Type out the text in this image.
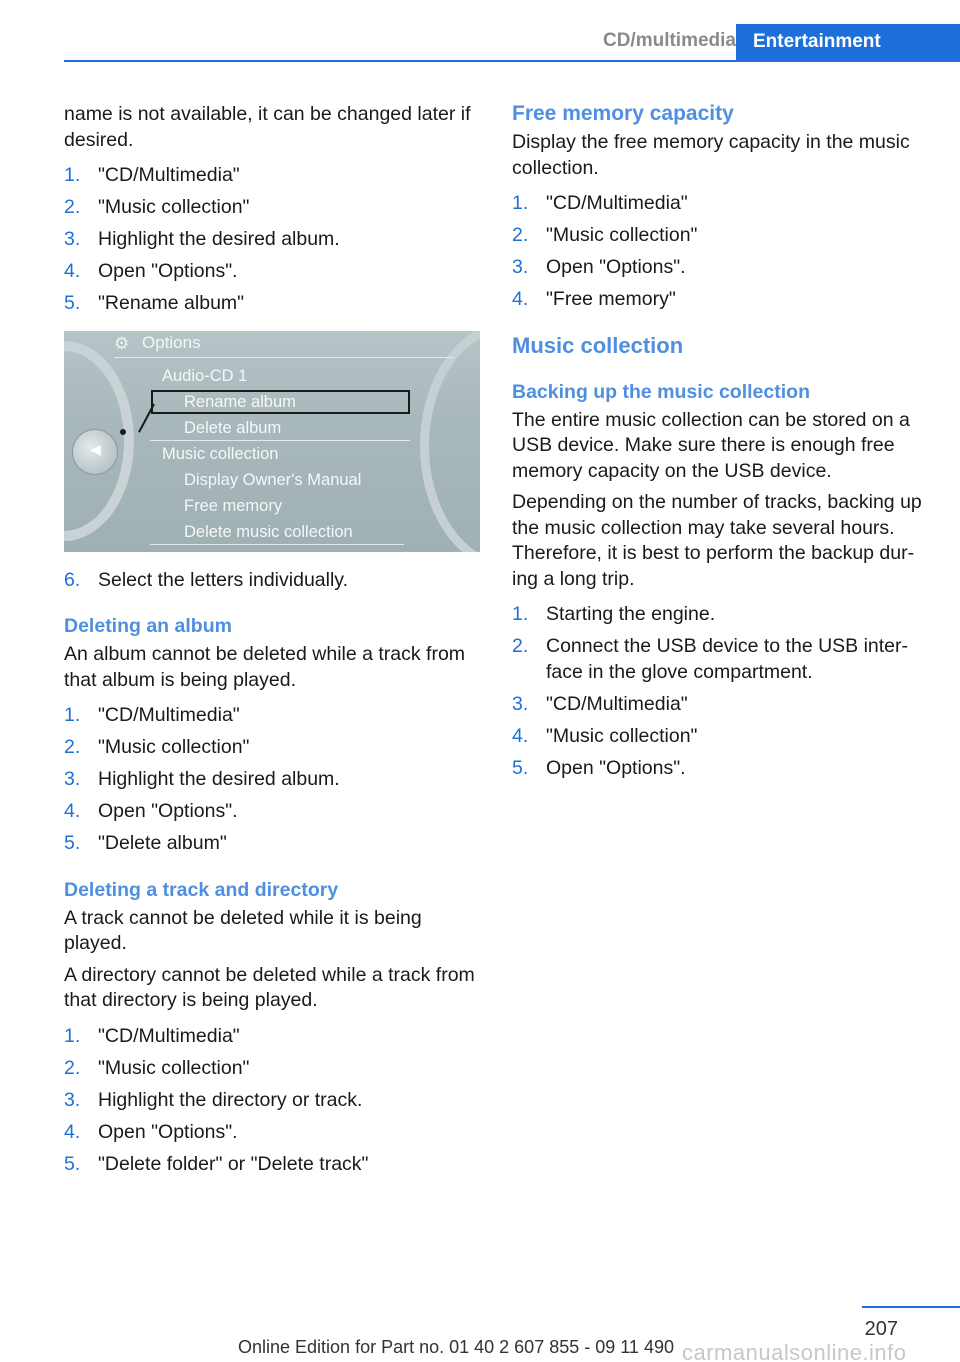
CD/multimedia Entertainment

name is not available, it can be changed later if desired.

1. "CD/Multimedia"
2. "Music collection"
3. Highlight the desired album.
4. Open "Options".
5. "Rename album"
◀
⚙ Options
Audio-CD 1
Rename album
Delete album
Music collection
Display Owner's Manual
Free memory
Delete music collection
6. Select the letters individually.
Deleting an album

An album cannot be deleted while a track from that album is being played.

1. "CD/Multimedia"
2. "Music collection"
3. Highlight the desired album.
4. Open "Options".
5. "Delete album"
Deleting a track and directory

A track cannot be deleted while it is being played.

A directory cannot be deleted while a track from that directory is being played.

1. "CD/Multimedia"
2. "Music collection"
3. Highlight the directory or track.
4. Open "Options".
5. "Delete folder" or "Delete track"
Free memory capacity

Display the free memory capacity in the music collection.

1. "CD/Multimedia"
2. "Music collection"
3. Open "Options".
4. "Free memory"
Music collection
Backing up the music collection

The entire music collection can be stored on a USB device. Make sure there is enough free memory capacity on the USB device.

Depending on the number of tracks, backing up the music collection may take several hours. Therefore, it is best to perform the backup dur‐ ing a long trip.

1. Starting the engine.
2. Connect the USB device to the USB inter‐ face in the glove compartment.
3. "CD/Multimedia"
4. "Music collection"
5. Open "Options".
207
Online Edition for Part no. 01 40 2 607 855 - 09 11 490 carmanualsonline.info
